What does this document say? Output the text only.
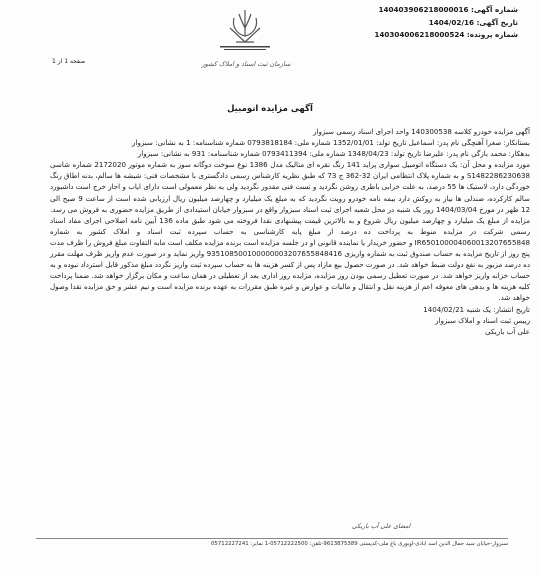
شماره آگهی: 140403906218000016
تاریخ آگهی: 1404/02/16
شماره پرونده: 140304006218000524
سازمان ثبت اسناد و املاک کشور
صفحه 1 از 1
آگهی مزایده اتومبیل

آگهی مزایده خودرو کلاسه 140300538 واحد اجرای اسناد رسمی سبزوار

بستانکار: صغرا آهنچگی نام پدر: اسماعیل تاریخ تولد: 1352/01/01 شماره ملی: 0793818184 شماره شناسنامه: 1 به نشانی: سبزوار

بدهکار: محمد بازگی نام پدر: علیرضا تاریخ تولد: 1348/04/23 شماره ملی: 0793411394 شماره شناسنامه: 931 به نشانی: سبزوار

مورد مزایده و محل آن: یک دستگاه اتومبیل سواری پراید 141 رنگ نقره ای متالیک مدل 1386 نوع سوخت دوگانه سوز به شماره موتور 2172020 شماره شاسی S1482286230638 و به شماره پلاک انتظامی ایران 32-362 ج 73 که طبق نظریه کارشناس رسمی دادگستری با مشخصات فنی: شیشه ها سالم، بدنه اطاق رنگ خوردگی دارد، لاستیک ها 55 درصد، به علت خرابی باطری روشن نگردید و تست فنی مقدور نگردید ولی به نظر معمولی است دارای ایاب و اجار خرج است داشبورد سالم کارکرده، صندلی ها نیاز به روکش دارد بیمه نامه خودرو رویت نگردید که به مبلغ یک میلیارد و چهارصد میلیون ریال ارزیابی شده است از ساعت 9 صبح الی 12 ظهر در مورخ 1404/03/04 روز یک شنبه در محل شعبه اجرای ثبت اسناد سبزوار واقع در سبزوار خیابان استیدادی از طریق مزایده حضوری به فروش می رسد. مزایده از مبلغ یک میلیارد و چهارصد میلیون ریال شروع و به بالاترین قیمت پیشنهادی نقدا فروخته می شود طبق ماده 136 آیین نامه اصلاحی اجرای مفاد اسناد رسمی شرکت در مزایده منوط به پرداخت ده درصد از مبلغ پایه کارشناسی به حساب سپرده ثبت اسناد و املاک کشور به شماره IR650100004060013207655848 و حضور خریدار یا نماینده قانونی او در جلسه مزایده است برنده مزایده مکلف است مابه التفاوت مبلغ فروش را ظرف مدت پنج روز از تاریخ مزایده به حساب صندوق ثبت به شماره واریزی 935108500100000003207655848416 واریز نماید و در صورت عدم واریز ظرف مهلت مقرر ده درصد مزبور به نفع دولت ضبط خواهد شد. در صورت حصول بیع مازاد پس از کسر هزینه ها به حساب سپرده ثبت واریز نگردد مبلغ مذکور قابل استرداد نبوده و به حساب خزانه واریز خواهد شد. در صورت تعطیل رسمی بودن روز مزایده، مزایده روز اداری بعد از تعطیلی در همان ساعت و مکان برگزار خواهد شد. ضمنا پرداخت کلیه هزینه ها و بدهی های معوقه اعم از هزینه نقل و انتقال و مالیات و عوارض و غیره طبق مقررات به عهده برنده مزایده است و نیم عشر و حق مزایده نقدا وصول خواهد شد.

تاریخ انتشار: یک شنبه 1404/02/21

رییس ثبت اسناد و املاک سبزوار

علی آب باریکی

امضای علی آب باریکی
سبزوار-خیابان سید جمال الدین اسد آبادی-اوبوری باغ ملی-کدپستی 9613875389-تلفن: 05712222500-1 نمابر: 05712227241
